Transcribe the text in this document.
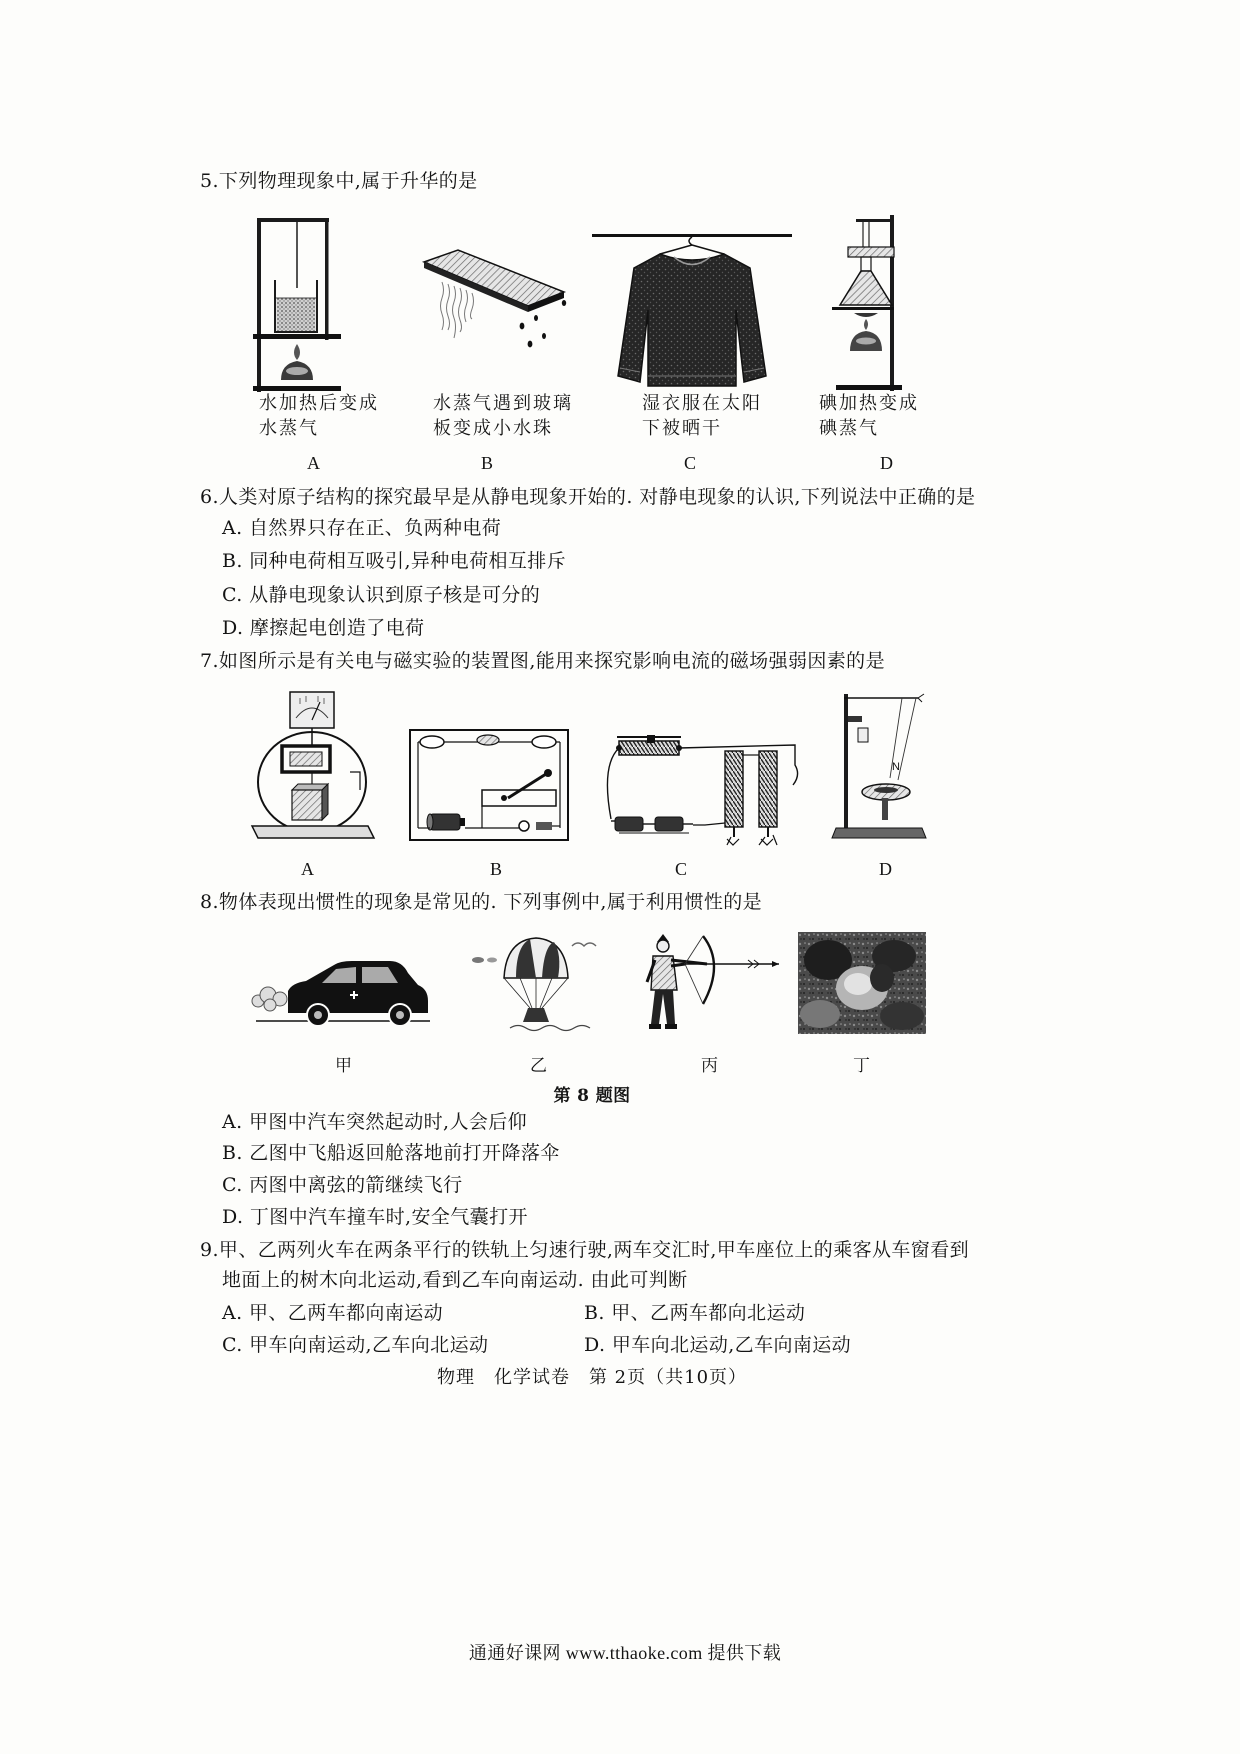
5.下列物理现象中,属于升华的是
水加热后变成
水蒸气
水蒸气遇到玻璃
板变成小水珠
湿衣服在太阳
下被晒干
碘加热变成
碘蒸气
A	B	C	D
6.人类对原子结构的探究最早是从静电现象开始的. 对静电现象的认识,下列说法中正确的是
A. 自然界只存在正、负两种电荷
B. 同种电荷相互吸引,异种电荷相互排斥
C. 从静电现象认识到原子核是可分的
D. 摩擦起电创造了电荷
7.如图所示是有关电与磁实验的装置图,能用来探究影响电流的磁场强弱因素的是
N
A	B	C	D
8.物体表现出惯性的现象是常见的. 下列事例中,属于利用惯性的是
甲	乙	丙	丁
第 8 题图
A. 甲图中汽车突然起动时,人会后仰
B. 乙图中飞船返回舱落地前打开降落伞
C. 丙图中离弦的箭继续飞行
D. 丁图中汽车撞车时,安全气囊打开
9.甲、乙两列火车在两条平行的铁轨上匀速行驶,两车交汇时,甲车座位上的乘客从车窗看到
地面上的树木向北运动,看到乙车向南运动. 由此可判断
A. 甲、乙两车都向南运动	B. 甲、乙两车都向北运动
C. 甲车向南运动,乙车向北运动	D. 甲车向北运动,乙车向南运动
物理　化学试卷　第 2页（共10页）
通通好课网 www.tthaoke.com 提供下载
